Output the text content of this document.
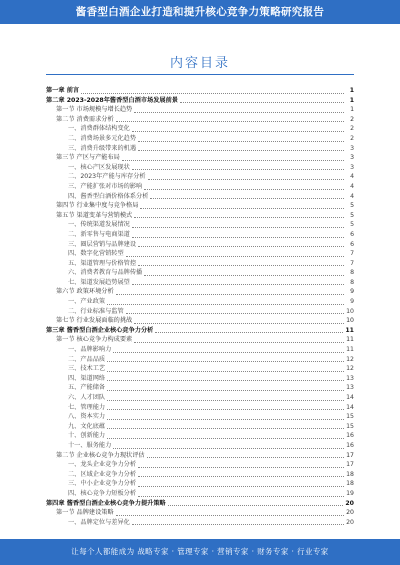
酱香型白酒企业打造和提升核心竞争力策略研究报告
内容目录
第一章 前言	1
第二章 2023-2028年酱香型白酒市场发展前景	1
第一节 市场规模与增长趋势	1
第二节 消费需求分析	2
一、消费群体结构变化	2
二、消费场景多元化趋势	2
三、消费升级带来的机遇	3
第三节 产区与产能布局	3
一、核心产区发展现状	3
二、2023年产能与库存分析	4
三、产能扩张对市场的影响	4
四、酱香型白酒价格体系分析	4
第四节 行业集中度与竞争格局	5
第五节 渠道变革与营销模式	5
一、传统渠道发展情况	5
二、新零售与电商渠道	6
三、圈层营销与品牌建设	6
四、数字化营销转型	7
五、渠道管理与价格管控	7
六、消费者教育与品牌传播	8
七、渠道发展趋势展望	8
第六节 政策环境分析	9
一、产业政策	9
二、行业标准与监管	10
第七节 行业发展面临的挑战	10
第三章 酱香型白酒企业核心竞争力分析	11
第一节 核心竞争力构成要素	11
一、品牌影响力	11
二、产品品质	12
三、技术工艺	12
四、渠道网络	13
五、产能储备	13
六、人才团队	14
七、管理能力	14
八、资本实力	15
九、文化底蕴	15
十、创新能力	16
十一、服务能力	16
第二节 企业核心竞争力现状评估	17
一、龙头企业竞争力分析	17
二、区域企业竞争力分析	18
三、中小企业竞争力分析	18
四、核心竞争力短板分析	19
第四章 酱香型白酒企业核心竞争力提升策略	20
第一节 品牌建设策略	20
一、品牌定位与差异化	20
让每个人都能成为 战略专家 · 管理专家 · 营销专家 · 财务专家 · 行业专家
